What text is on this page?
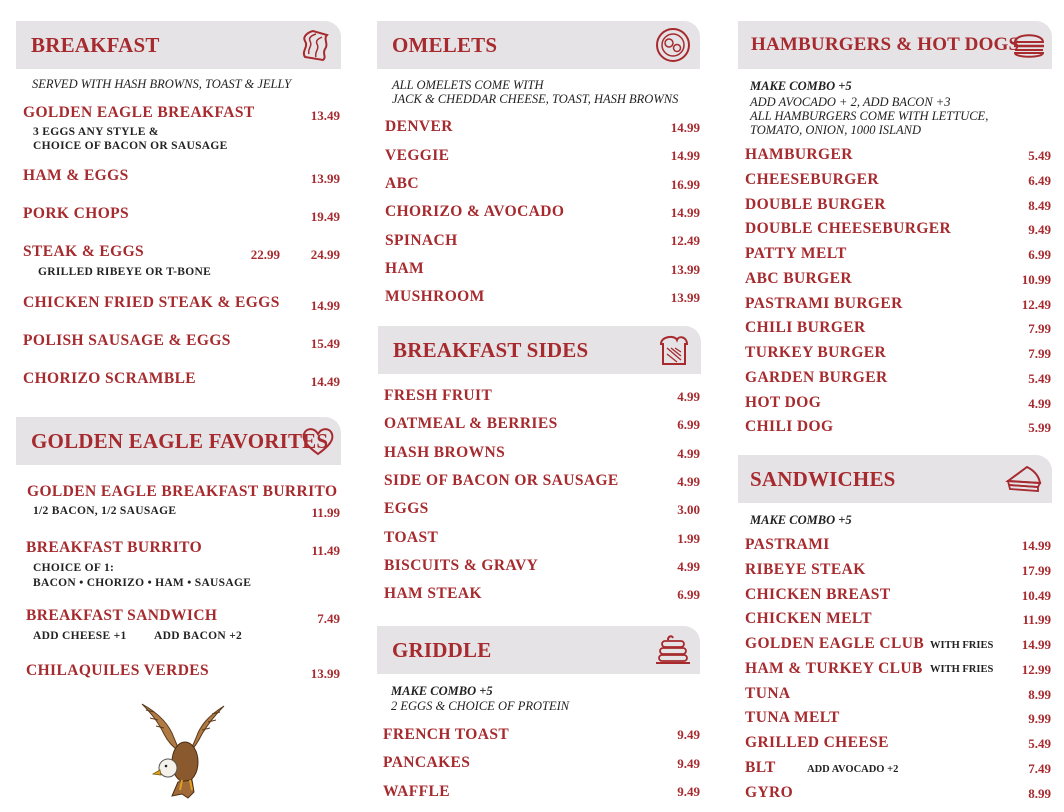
BREAKFAST
SERVED WITH HASH BROWNS, TOAST & JELLY
GOLDEN EAGLE BREAKFAST	13.49
3 EGGS ANY STYLE &
CHOICE OF BACON OR SAUSAGE
HAM & EGGS	13.99
PORK CHOPS	19.49
STEAK & EGGS	22.99	24.99
GRILLED RIBEYE OR T-BONE
CHICKEN FRIED STEAK & EGGS	14.99
POLISH SAUSAGE & EGGS	15.49
CHORIZO SCRAMBLE	14.49
GOLDEN EAGLE FAVORITES
GOLDEN EAGLE BREAKFAST BURRITO
1/2 BACON, 1/2 SAUSAGE	11.99
BREAKFAST BURRITO	11.49
CHOICE OF 1:
BACON • CHORIZO • HAM • SAUSAGE
BREAKFAST SANDWICH	7.49
ADD CHEESE +1 ADD BACON +2
CHILAQUILES VERDES	13.99
OMELETS
ALL OMELETS COME WITH
JACK & CHEDDAR CHEESE, TOAST, HASH BROWNS
DENVER	14.99
VEGGIE	14.99
ABC	16.99
CHORIZO & AVOCADO	14.99
SPINACH	12.49
HAM	13.99
MUSHROOM	13.99
BREAKFAST SIDES
FRESH FRUIT	4.99
OATMEAL & BERRIES	6.99
HASH BROWNS	4.99
SIDE OF BACON OR SAUSAGE	4.99
EGGS	3.00
TOAST	1.99
BISCUITS & GRAVY	4.99
HAM STEAK	6.99
GRIDDLE
MAKE COMBO +5
2 EGGS & CHOICE OF PROTEIN
FRENCH TOAST	9.49
PANCAKES	9.49
WAFFLE	9.49
HAMBURGERS & HOT DOGS
MAKE COMBO +5
ADD AVOCADO + 2, ADD BACON +3
ALL HAMBURGERS COME WITH LETTUCE,
TOMATO, ONION, 1000 ISLAND
HAMBURGER	5.49
CHEESEBURGER	6.49
DOUBLE BURGER	8.49
DOUBLE CHEESEBURGER	9.49
PATTY MELT	6.99
ABC BURGER	10.99
PASTRAMI BURGER	12.49
CHILI BURGER	7.99
TURKEY BURGER	7.99
GARDEN BURGER	5.49
HOT DOG	4.99
CHILI DOG	5.99
SANDWICHES
MAKE COMBO +5
PASTRAMI	14.99
RIBEYE STEAK	17.99
CHICKEN BREAST	10.49
CHICKEN MELT	11.99
GOLDEN EAGLE CLUB WITH FRIES	14.99
HAM & TURKEY CLUB WITH FRIES	12.99
TUNA	8.99
TUNA MELT	9.99
GRILLED CHEESE	5.49
BLT	ADD AVOCADO +2	7.49
GYRO	8.99
